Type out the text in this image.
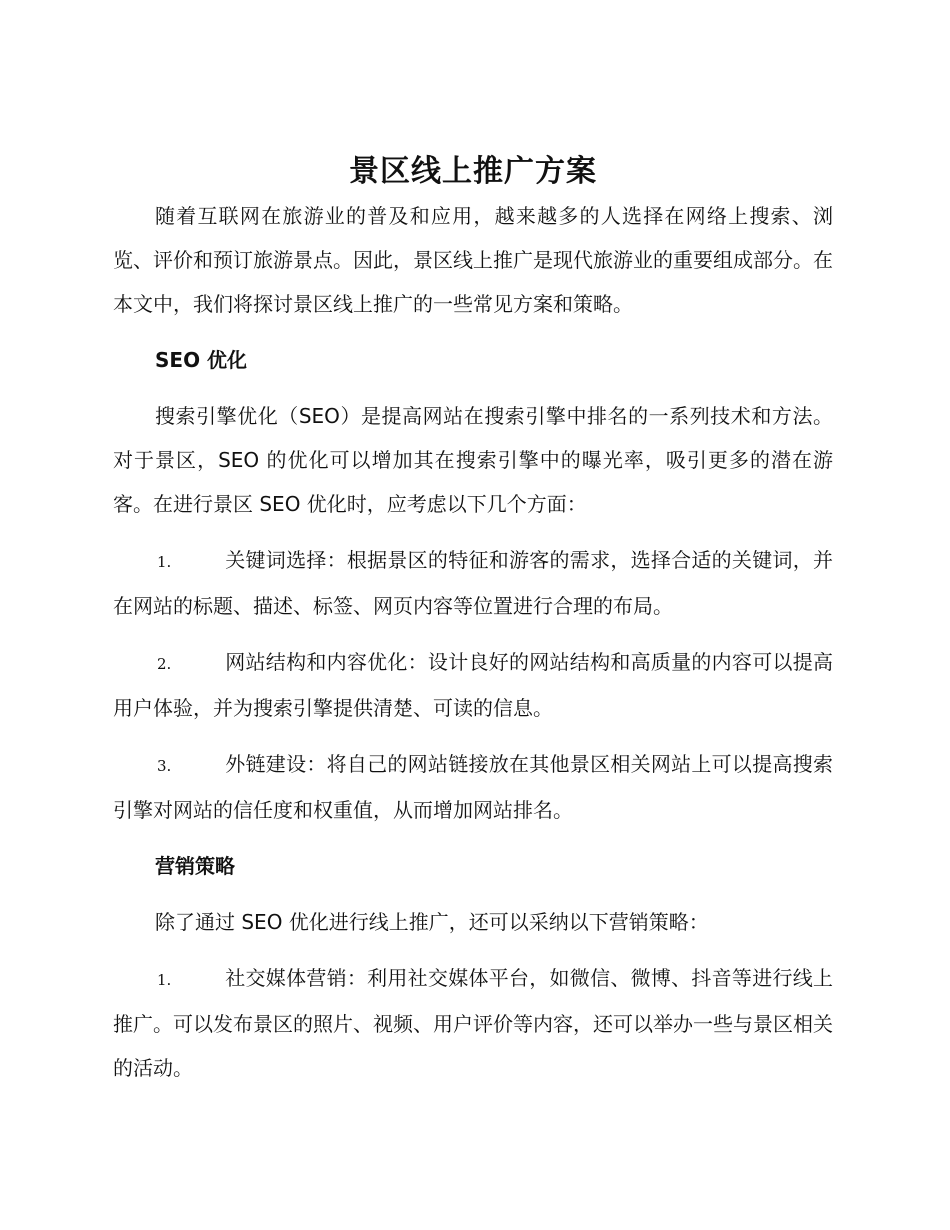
景区线上推广方案

随着互联网在旅游业的普及和应用，越来越多的人选择在网络上搜索、浏览、评价和预订旅游景点。因此，景区线上推广是现代旅游业的重要组成部分。在本文中，我们将探讨景区线上推广的一些常见方案和策略。

SEO 优化

搜索引擎优化（SEO）是提高网站在搜索引擎中排名的一系列技术和方法。对于景区，SEO 的优化可以增加其在搜索引擎中的曝光率，吸引更多的潜在游客。在进行景区 SEO 优化时，应考虑以下几个方面：

1.	关键词选择：根据景区的特征和游客的需求，选择合适的关键词，并在网站的标题、描述、标签、网页内容等位置进行合理的布局。

2.	网站结构和内容优化：设计良好的网站结构和高质量的内容可以提高用户体验，并为搜索引擎提供清楚、可读的信息。

3.	外链建设：将自己的网站链接放在其他景区相关网站上可以提高搜索引擎对网站的信任度和权重值，从而增加网站排名。

营销策略

除了通过 SEO 优化进行线上推广，还可以采纳以下营销策略：

1.	社交媒体营销：利用社交媒体平台，如微信、微博、抖音等进行线上推广。可以发布景区的照片、视频、用户评价等内容，还可以举办一些与景区相关的活动。
